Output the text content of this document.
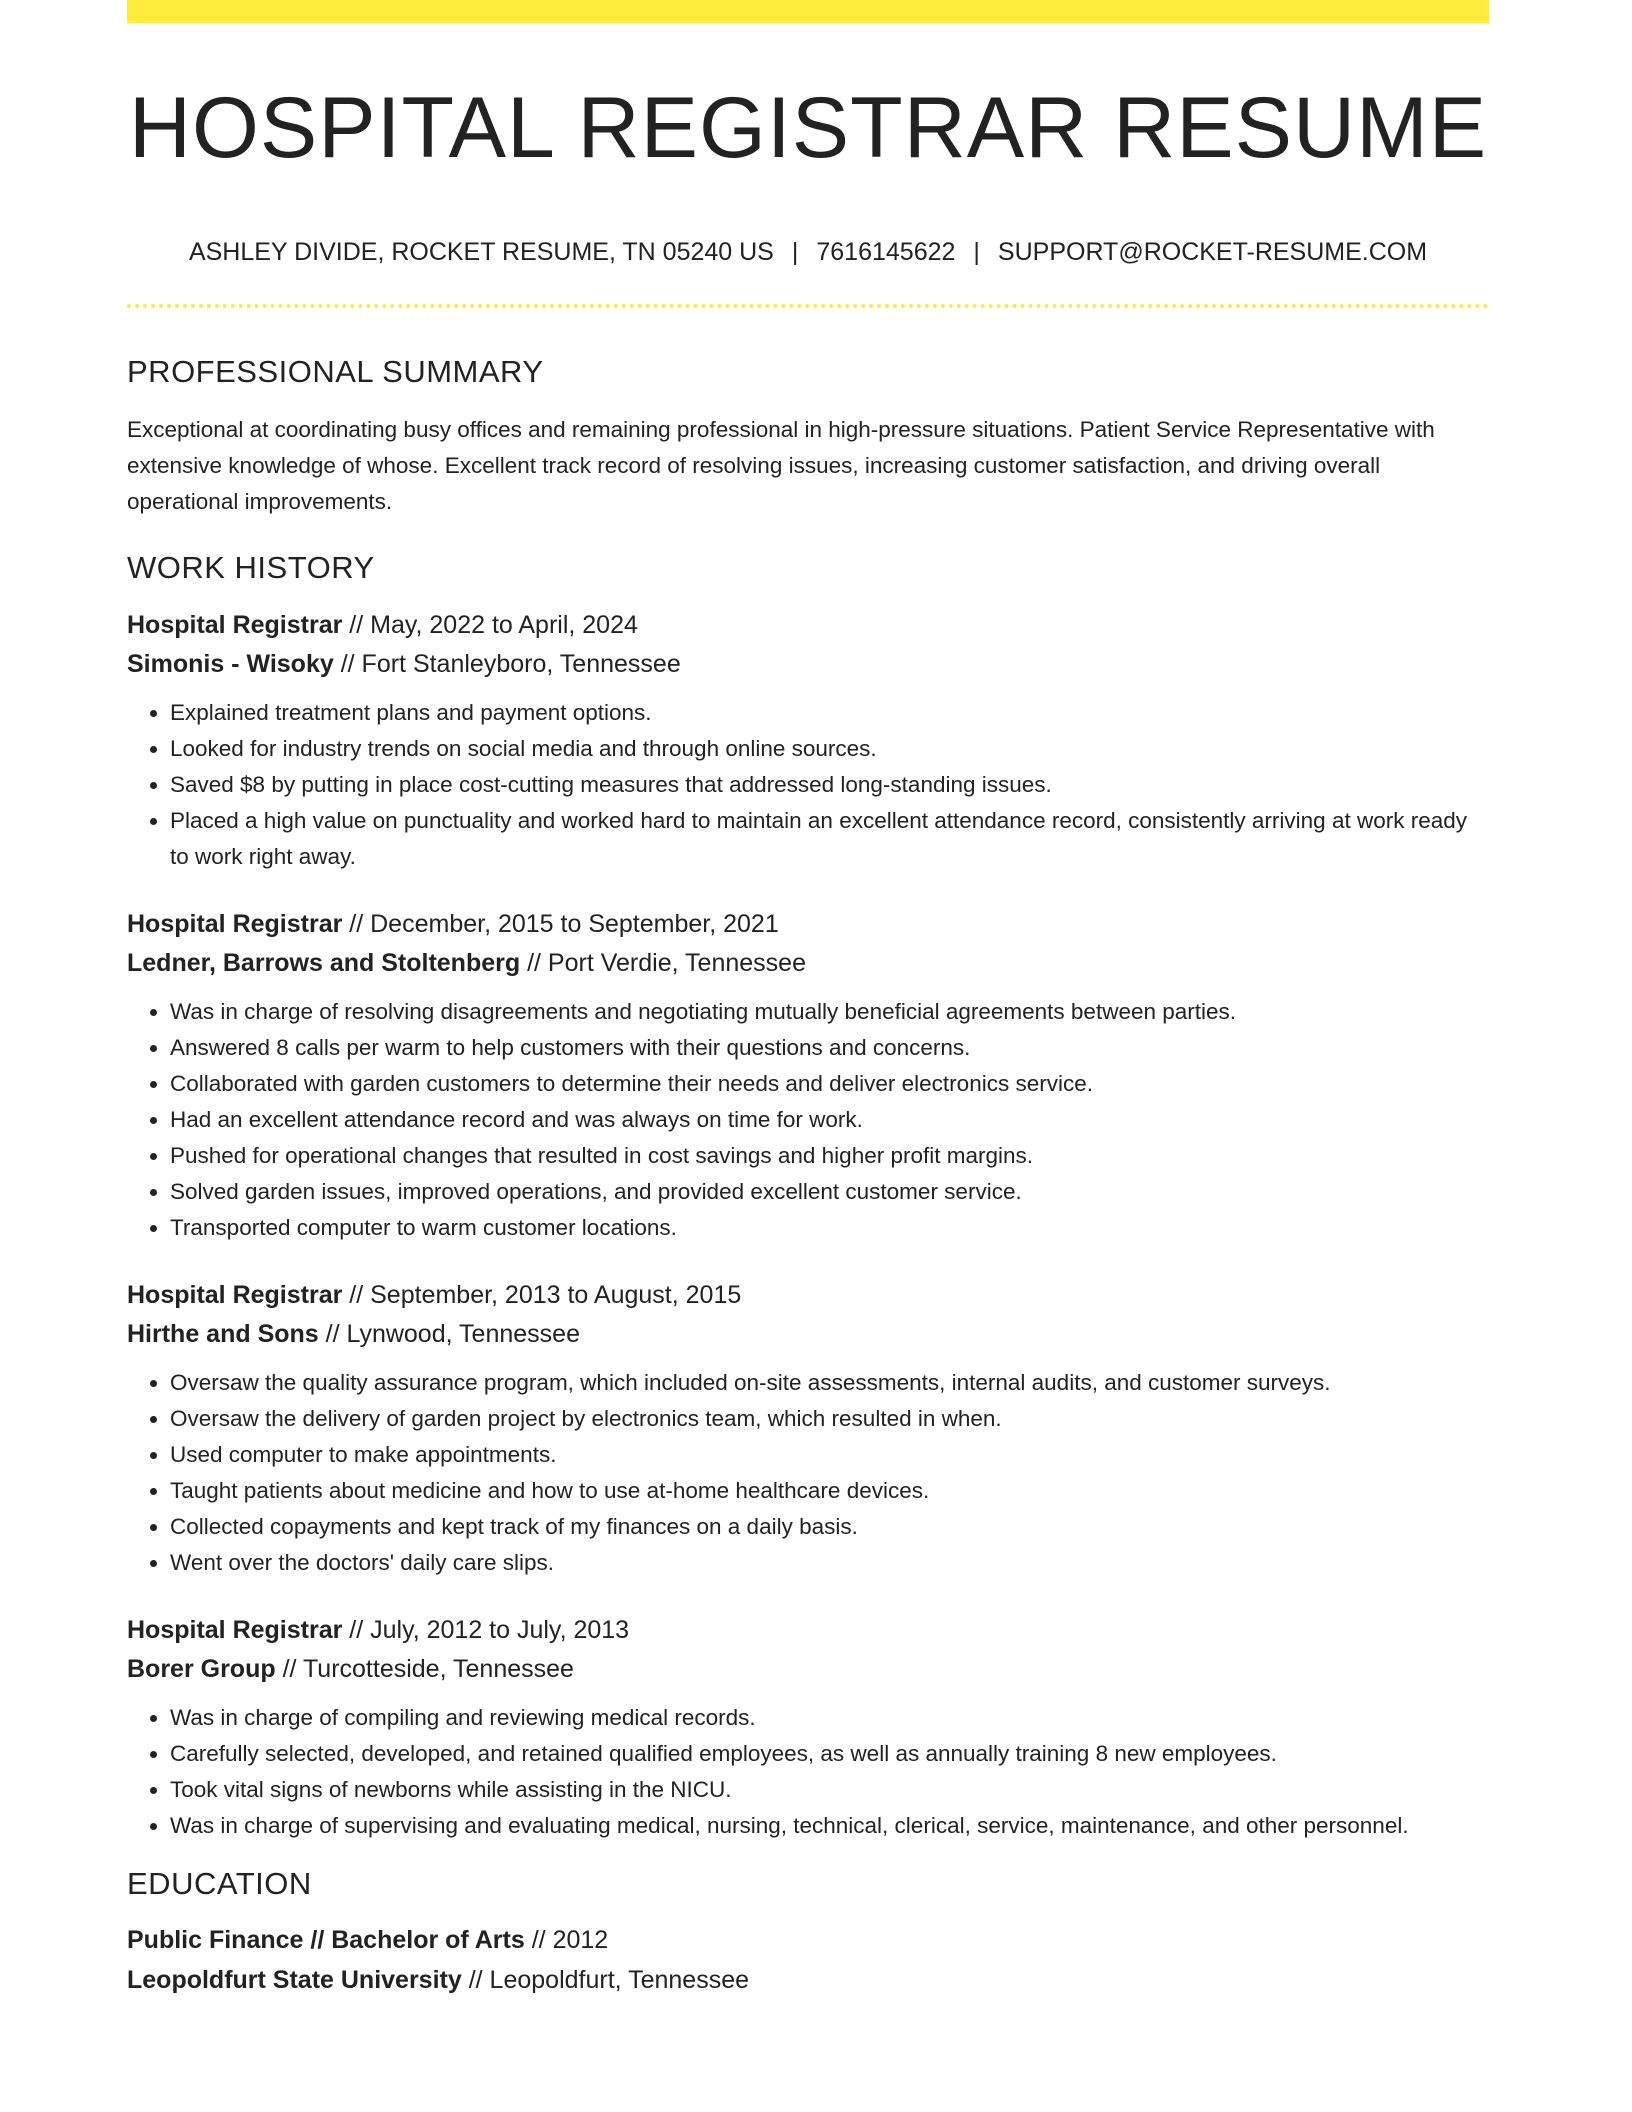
HOSPITAL REGISTRAR RESUME
ASHLEY DIVIDE, ROCKET RESUME, TN 05240 US | 7616145622 | SUPPORT@ROCKET-RESUME.COM
PROFESSIONAL SUMMARY

Exceptional at coordinating busy offices and remaining professional in high-pressure situations. Patient Service Representative with extensive knowledge of whose. Excellent track record of resolving issues, increasing customer satisfaction, and driving overall operational improvements.

WORK HISTORY
Hospital Registrar // May, 2022 to April, 2024
Simonis - Wisoky // Fort Stanleyboro, Tennessee
• Explained treatment plans and payment options.
• Looked for industry trends on social media and through online sources.
• Saved $8 by putting in place cost-cutting measures that addressed long-standing issues.
• Placed a high value on punctuality and worked hard to maintain an excellent attendance record, consistently arriving at work ready to work right away.
Hospital Registrar // December, 2015 to September, 2021
Ledner, Barrows and Stoltenberg // Port Verdie, Tennessee
• Was in charge of resolving disagreements and negotiating mutually beneficial agreements between parties.
• Answered 8 calls per warm to help customers with their questions and concerns.
• Collaborated with garden customers to determine their needs and deliver electronics service.
• Had an excellent attendance record and was always on time for work.
• Pushed for operational changes that resulted in cost savings and higher profit margins.
• Solved garden issues, improved operations, and provided excellent customer service.
• Transported computer to warm customer locations.
Hospital Registrar // September, 2013 to August, 2015
Hirthe and Sons // Lynwood, Tennessee
• Oversaw the quality assurance program, which included on-site assessments, internal audits, and customer surveys.
• Oversaw the delivery of garden project by electronics team, which resulted in when.
• Used computer to make appointments.
• Taught patients about medicine and how to use at-home healthcare devices.
• Collected copayments and kept track of my finances on a daily basis.
• Went over the doctors' daily care slips.
Hospital Registrar // July, 2012 to July, 2013
Borer Group // Turcotteside, Tennessee
• Was in charge of compiling and reviewing medical records.
• Carefully selected, developed, and retained qualified employees, as well as annually training 8 new employees.
• Took vital signs of newborns while assisting in the NICU.
• Was in charge of supervising and evaluating medical, nursing, technical, clerical, service, maintenance, and other personnel.
EDUCATION
Public Finance // Bachelor of Arts // 2012
Leopoldfurt State University // Leopoldfurt, Tennessee
